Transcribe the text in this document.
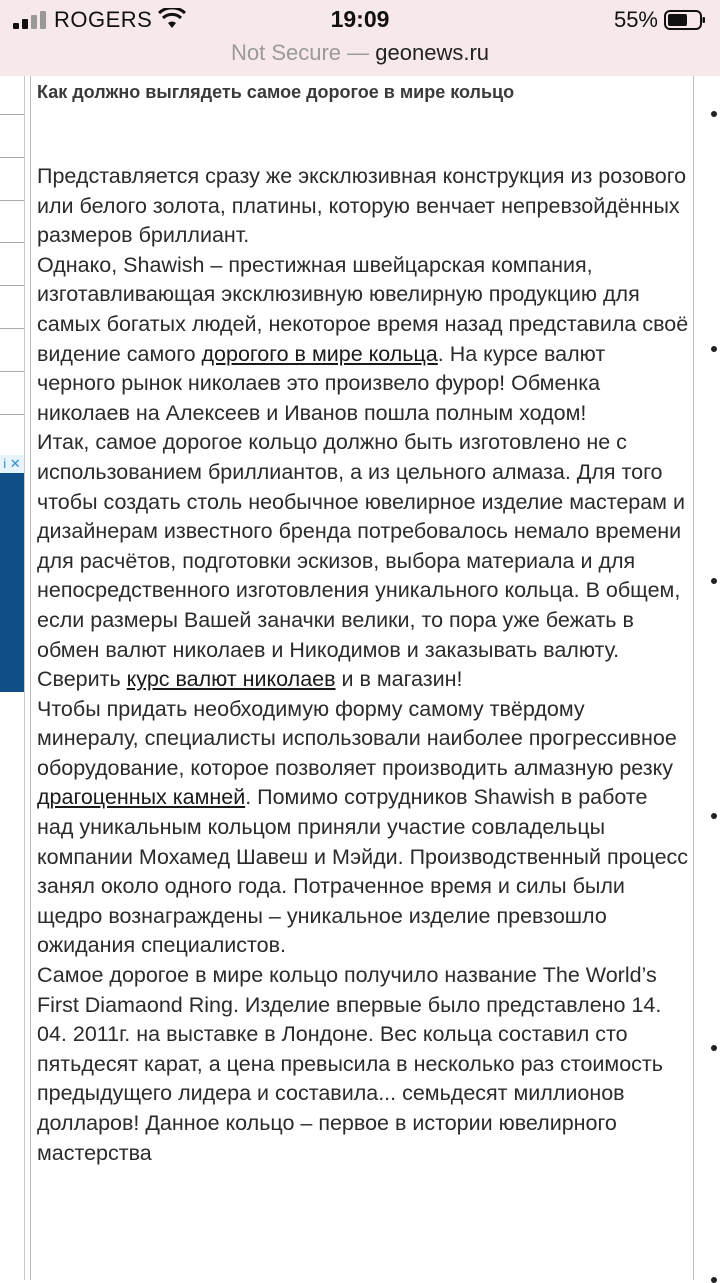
ROGERS	19:09	55%
Not Secure — geonews.ru
i ✕
Как должно выглядеть самое дорогое в мире кольцо

Представляется сразу же эксклюзивная конструкция из розового или белого золота, платины, которую венчает непревзойдённых размеров бриллиант.

Однако, Shawish – престижная швейцарская компания, изготавливающая эксклюзивную ювелирную продукцию для самых богатых людей, некоторое время назад представила своё видение самого дорогого в мире кольца. На курсе валют черного рынок николаев это произвело фурор! Обменка николаев на Алексеев и Иванов пошла полным ходом!

Итак, самое дорогое кольцо должно быть изготовлено не с использованием бриллиантов, а из цельного алмаза. Для того чтобы создать столь необычное ювелирное изделие мастерам и дизайнерам известного бренда потребовалось немало времени для расчётов, подготовки эскизов, выбора материала и для непосредственного изготовления уникального кольца. В общем, если размеры Вашей заначки велики, то пора уже бежать в обмен валют николаев и Никодимов и заказывать валюту. Сверить курс валют николаев и в магазин!

Чтобы придать необходимую форму самому твёрдому минералу, специалисты использовали наиболее прогрессивное оборудование, которое позволяет производить алмазную резку драгоценных камней. Помимо сотрудников Shawish в работе над уникальным кольцом приняли участие совладельцы компании Мохамед Шавеш и Мэйди. Производственный процесс занял около одного года. Потраченное время и силы были щедро вознаграждены – уникальное изделие превзошло ожидания специалистов.

Самое дорогое в мире кольцо получило название The World’s First Diamaond Ring. Изделие впервые было представлено 14. 04. 2011г. на выставке в Лондоне. Вес кольца составил сто пятьдесят карат, а цена превысила в несколько раз стоимость предыдущего лидера и составила... семьдесят миллионов долларов! Данное кольцо – первое в истории ювелирного мастерства
